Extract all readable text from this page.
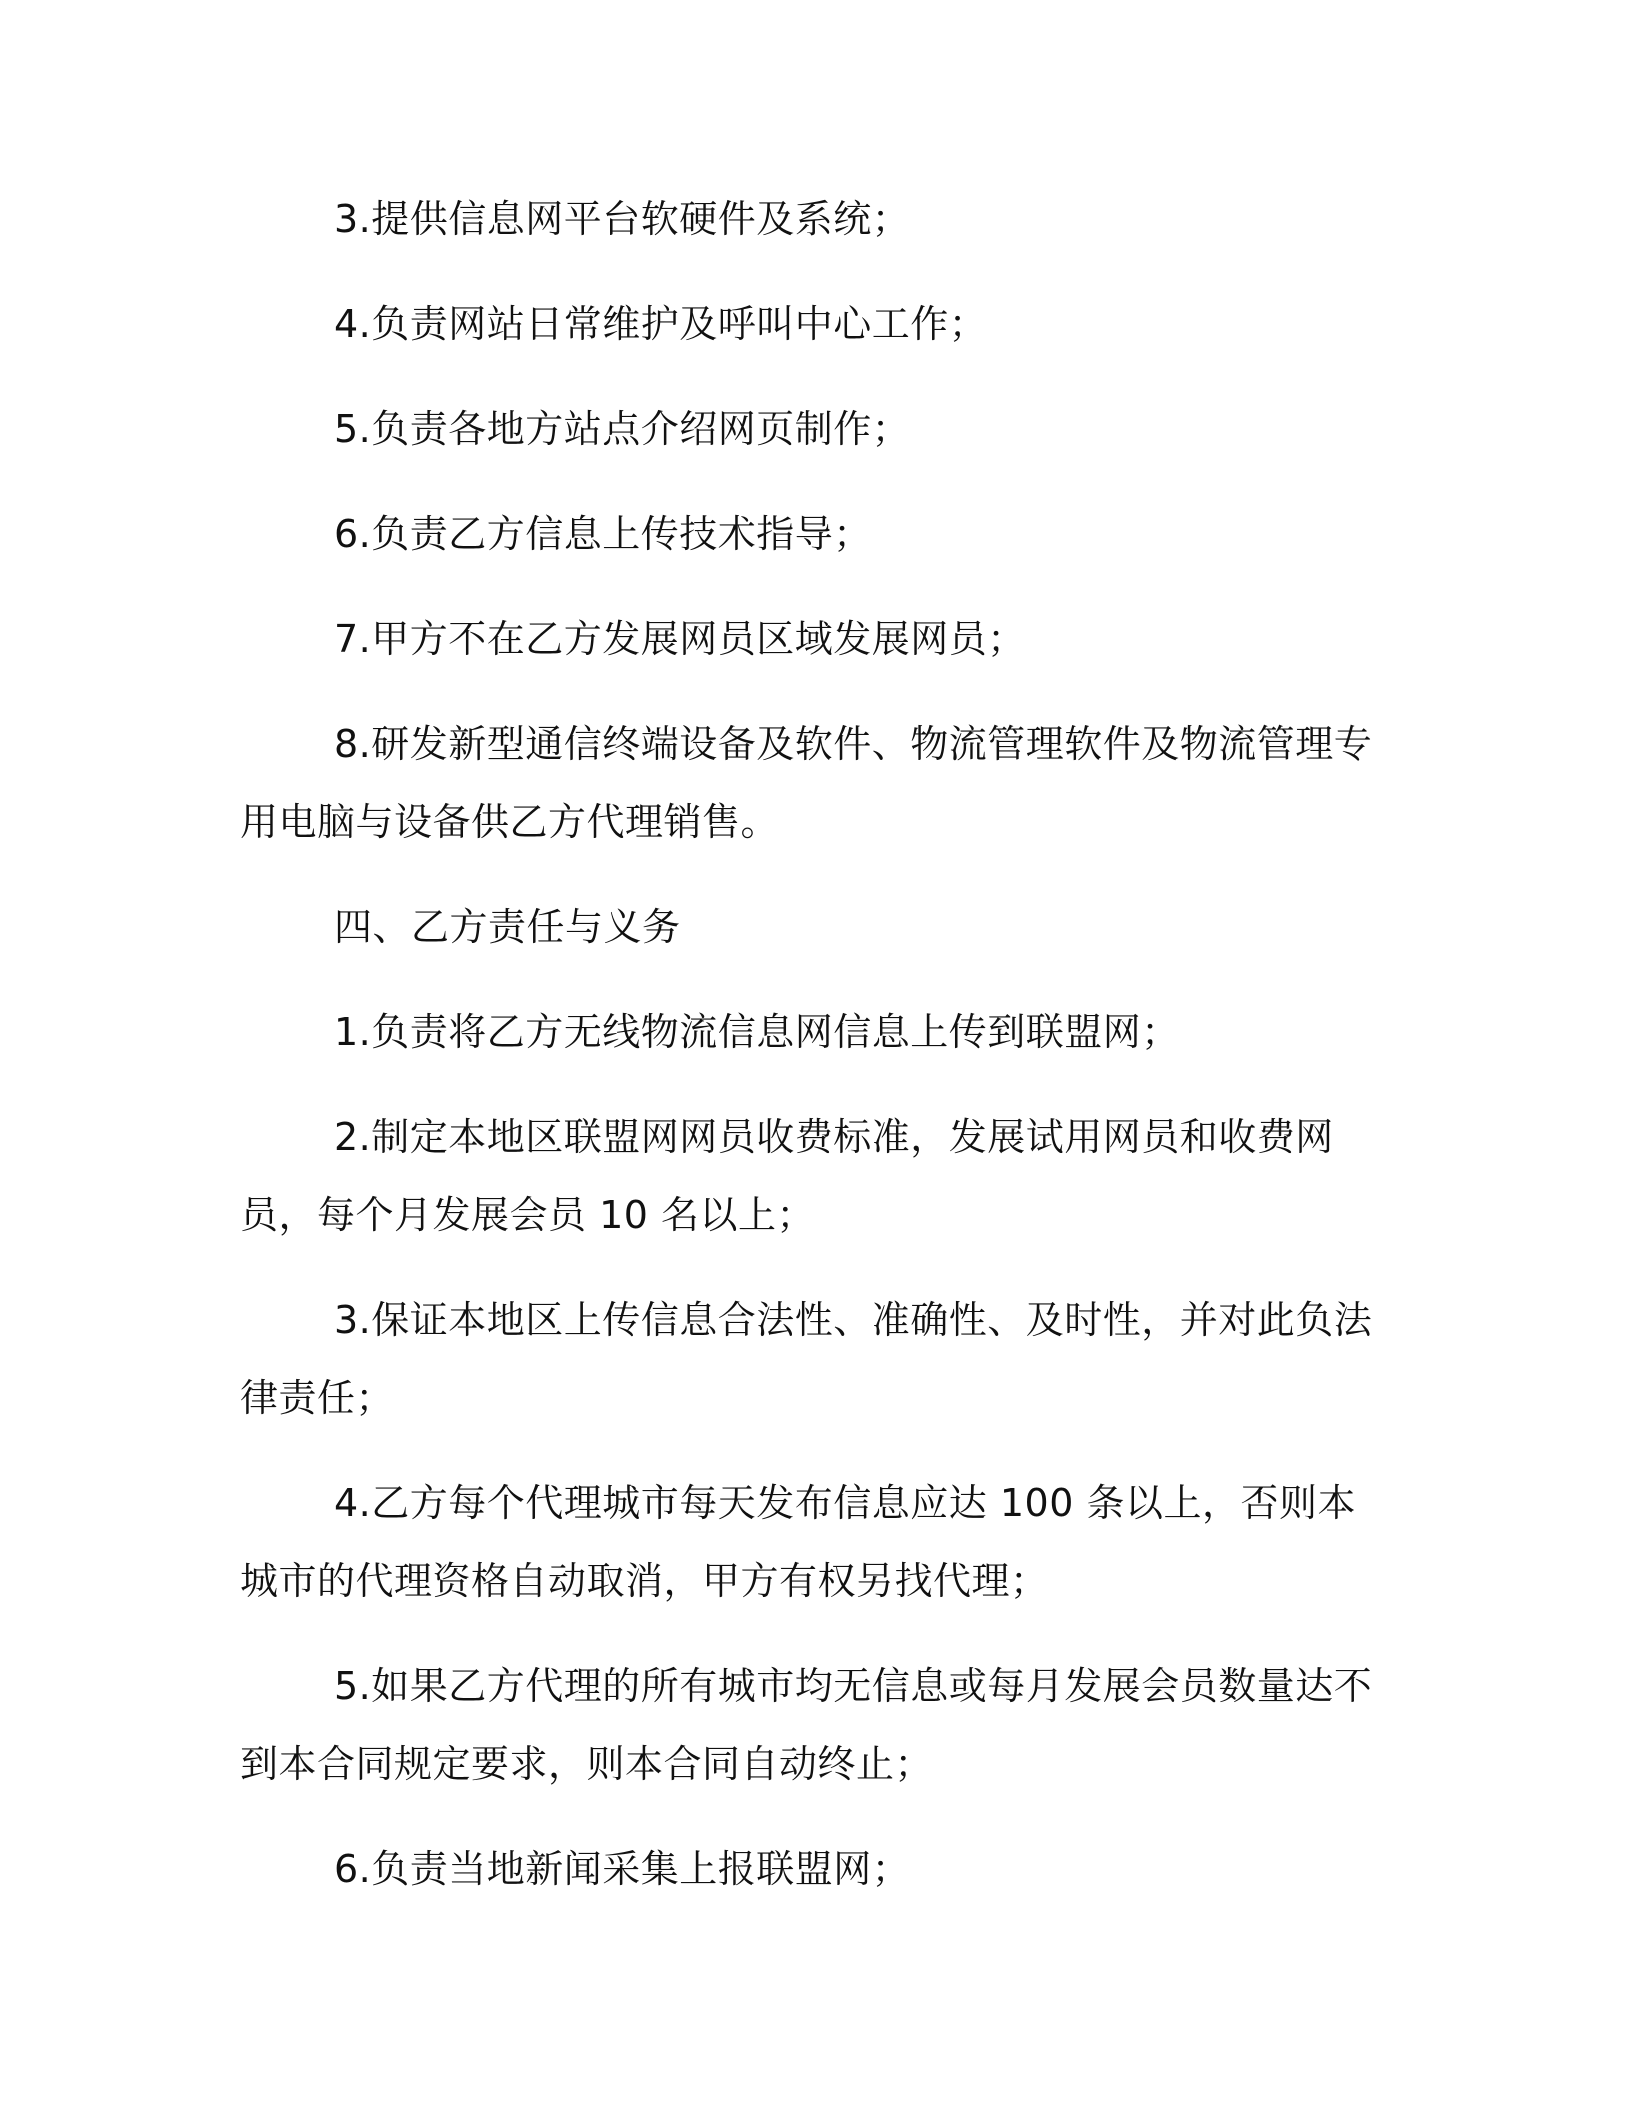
3.提供信息网平台软硬件及系统；

4.负责网站日常维护及呼叫中心工作；

5.负责各地方站点介绍网页制作；

6.负责乙方信息上传技术指导；

7.甲方不在乙方发展网员区域发展网员；

8.研发新型通信终端设备及软件、物流管理软件及物流管理专用电脑与设备供乙方代理销售。

四、乙方责任与义务

1.负责将乙方无线物流信息网信息上传到联盟网；

2.制定本地区联盟网网员收费标准，发展试用网员和收费网员，每个月发展会员 10 名以上；

3.保证本地区上传信息合法性、准确性、及时性，并对此负法律责任；

4.乙方每个代理城市每天发布信息应达 100 条以上，否则本城市的代理资格自动取消，甲方有权另找代理；

5.如果乙方代理的所有城市均无信息或每月发展会员数量达不到本合同规定要求，则本合同自动终止；

6.负责当地新闻采集上报联盟网；
